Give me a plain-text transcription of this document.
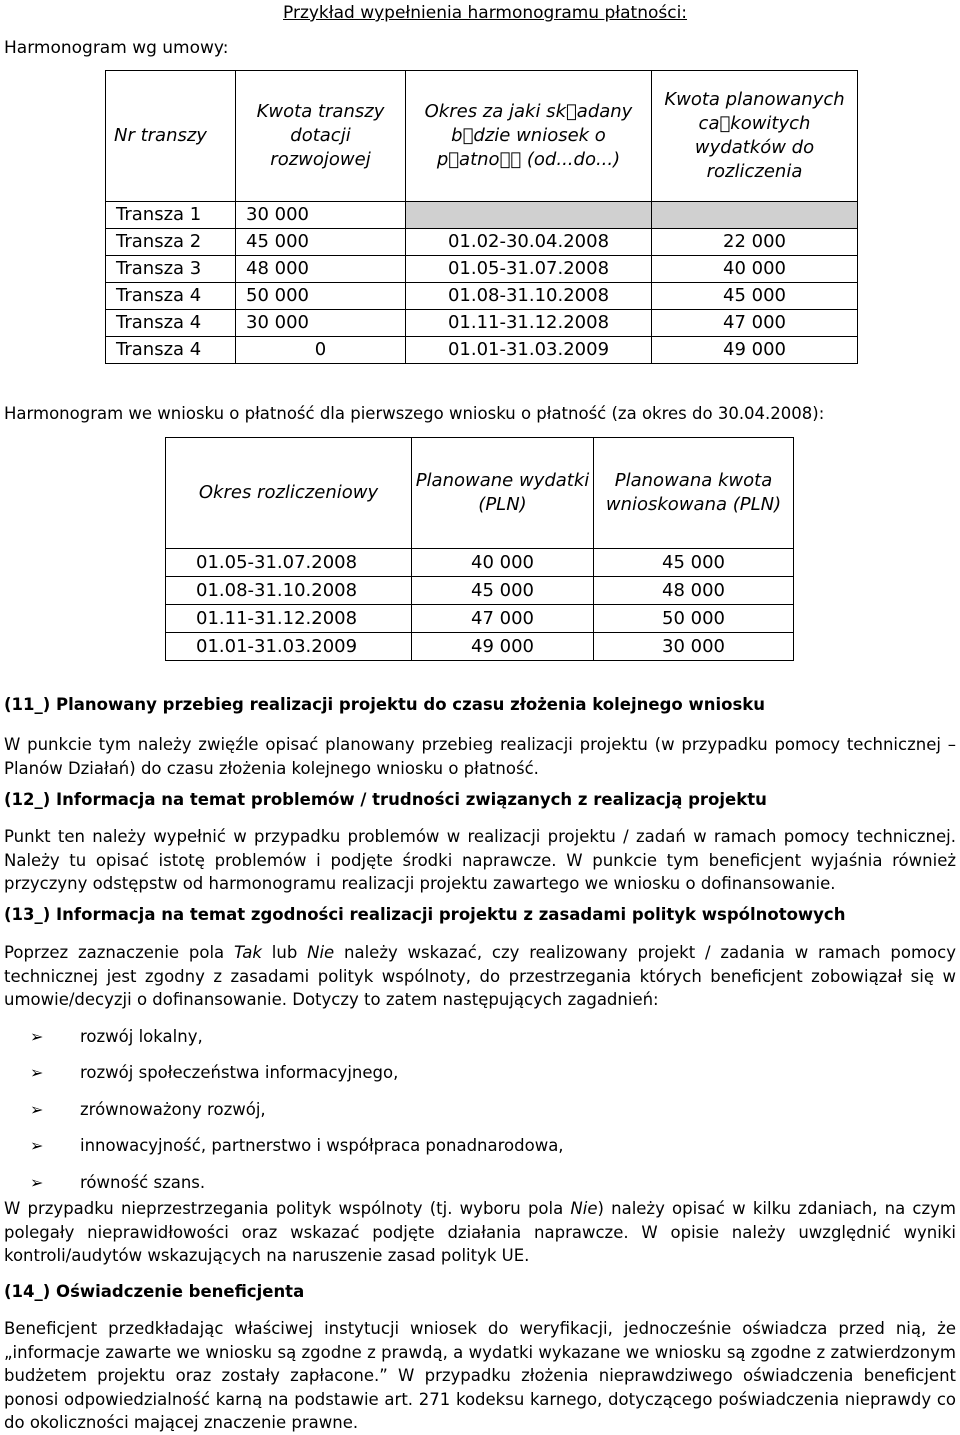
Harmonogram wg umowy:
Przykład wypełnienia harmonogramu płatności:
Nr transzy	Kwota transzy dotacji rozwojowej	Okres za jaki sk adany b dzie wniosek o p atno   (od...do...)	Kwota planowanych ca kowitych wydatków do rozliczenia
Transza 1	30 000		
Transza 2	45 000	01.02-30.04.2008	22 000
Transza 3	48 000	01.05-31.07.2008	40 000
Transza 4	50 000	01.08-31.10.2008	45 000
Transza 4	30 000	01.11-31.12.2008	47 000
Transza 4	0	01.01-31.03.2009	49 000
Harmonogram we wniosku o płatność dla pierwszego wniosku o płatność (za okres do 30.04.2008):
Okres rozliczeniowy	Planowane wydatki (PLN)	Planowana kwota wnioskowana (PLN)
01.05-31.07.2008	40 000	45 000
01.08-31.10.2008	45 000	48 000
01.11-31.12.2008	47 000	50 000
01.01-31.03.2009	49 000	30 000
(11_) Planowany przebieg realizacji projektu do czasu złożenia kolejnego wniosku
W punkcie tym należy zwięźle opisać planowany przebieg realizacji projektu (w przypadku pomocy technicznej – Planów Działań) do czasu złożenia kolejnego wniosku o płatność.
(12_) Informacja na temat problemów / trudności związanych z realizacją projektu
Punkt ten należy wypełnić w przypadku problemów w realizacji projektu / zadań w ramach pomocy technicznej. Należy tu opisać istotę problemów i podjęte środki naprawcze. W punkcie tym beneficjent wyjaśnia również przyczyny odstępstw od harmonogramu realizacji projektu zawartego we wniosku o dofinansowanie.
(13_) Informacja na temat zgodności realizacji projektu z zasadami polityk wspólnotowych
Poprzez zaznaczenie pola Tak lub Nie należy wskazać, czy realizowany projekt / zadania w ramach pomocy technicznej jest zgodny z zasadami polityk wspólnoty, do przestrzegania których beneficjent zobowiązał się w umowie/decyzji o dofinansowanie. Dotyczy to zatem następujących zagadnień:
➢	rozwój lokalny,
➢	rozwój społeczeństwa informacyjnego,
➢	zrównoważony rozwój,
➢	innowacyjność, partnerstwo i współpraca ponadnarodowa,
➢	równość szans.
W przypadku nieprzestrzegania polityk wspólnoty (tj. wyboru pola Nie) należy opisać w kilku zdaniach, na czym polegały nieprawidłowości oraz wskazać podjęte działania naprawcze. W opisie należy uwzględnić wyniki kontroli/audytów wskazujących na naruszenie zasad polityk UE.
(14_) Oświadczenie beneficjenta
Beneficjent przedkładając właściwej instytucji wniosek do weryfikacji, jednocześnie oświadcza przed nią, że „informacje zawarte we wniosku są zgodne z prawdą, a wydatki wykazane we wniosku są zgodne z zatwierdzonym budżetem projektu oraz zostały zapłacone.” W przypadku złożenia nieprawdziwego oświadczenia beneficjent ponosi odpowiedzialność karną na podstawie art. 271 kodeksu karnego, dotyczącego poświadczenia nieprawdy co do okoliczności mającej znaczenie prawne.
